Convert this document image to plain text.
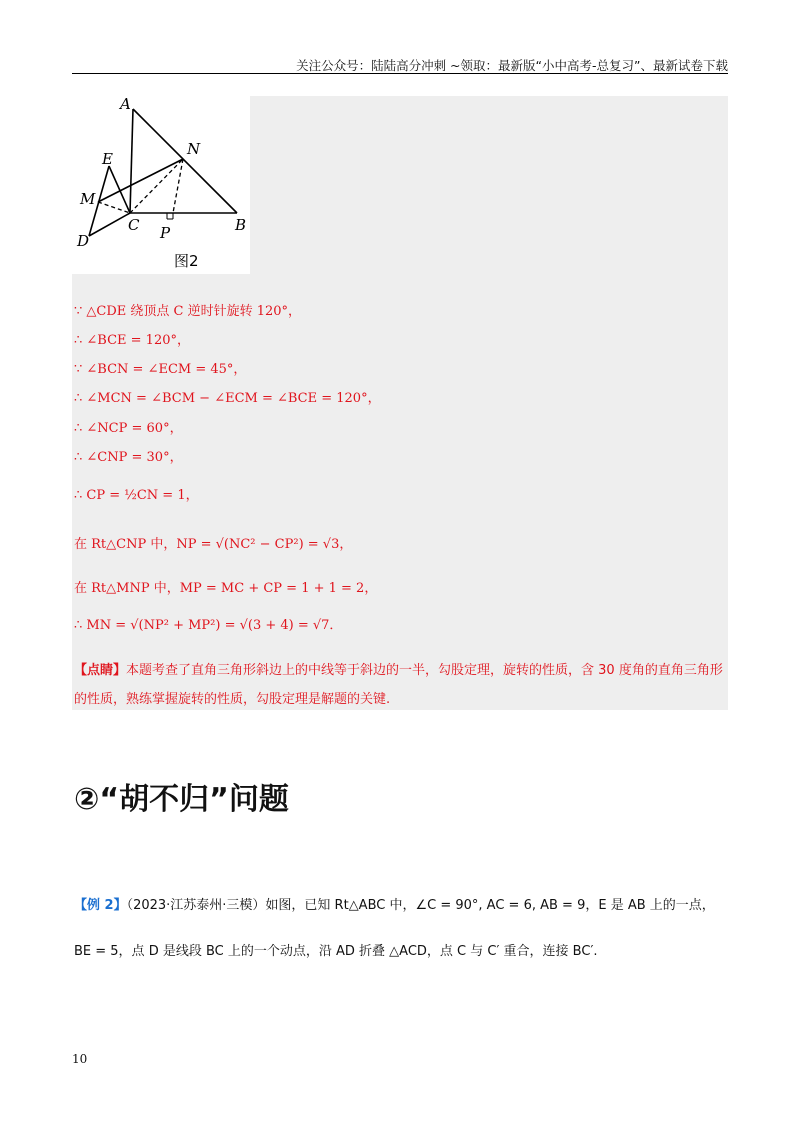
关注公众号：陆陆高分冲刺 ~领取：最新版“小中高考-总复习”、最新试卷下载
A
E
N
M
C P	B
D
图2
∵ △CDE 绕顶点 C 逆时针旋转 120°，
∴ ∠BCE = 120°，
∵ ∠BCN = ∠ECM = 45°，
∴ ∠MCN = ∠BCM − ∠ECM = ∠BCE = 120°，
∴ ∠NCP = 60°，
∴ ∠CNP = 30°，
∴ CP = ½CN = 1，
在 Rt△CNP 中，NP = √(NC² − CP²) = √3，
在 Rt△MNP 中，MP = MC + CP = 1 + 1 = 2，
∴ MN = √(NP² + MP²) = √(3 + 4) = √7．
【点睛】本题考查了直角三角形斜边上的中线等于斜边的一半，勾股定理，旋转的性质，含 30 度角的直角三角形的性质，熟练掌握旋转的性质，勾股定理是解题的关键.
②“胡不归”问题
【例 2】（2023·江苏泰州·三模）如图，已知 Rt△ABC 中，∠C = 90°, AC = 6, AB = 9，E 是 AB 上的一点，
BE = 5，点 D 是线段 BC 上的一个动点，沿 AD 折叠 △ACD，点 C 与 C′ 重合，连接 BC′.
10
